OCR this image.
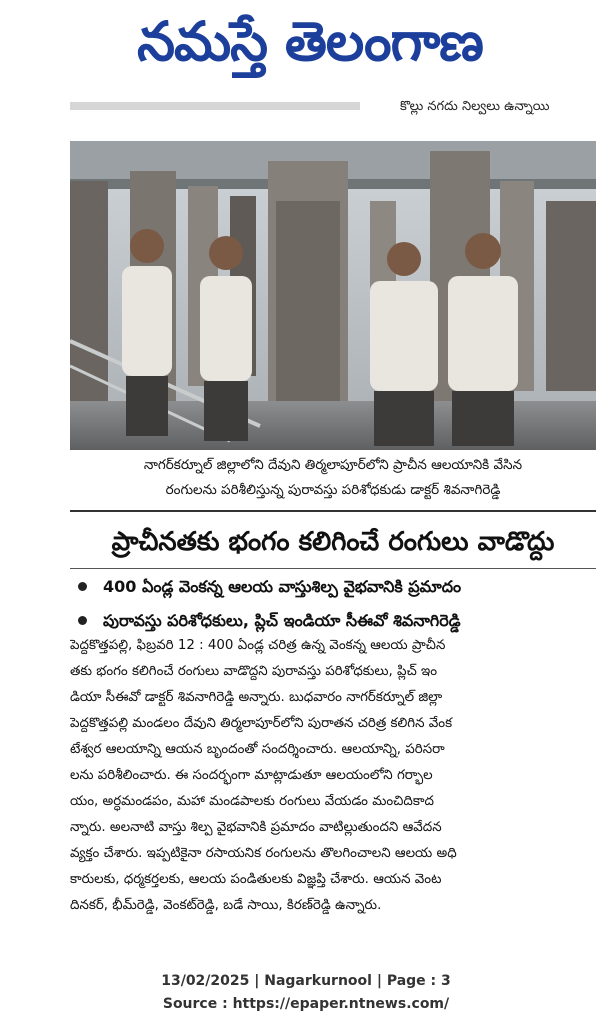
నమస్తే తెలంగాణ
కొల్లు నగదు నిల్వలు ఉన్నాయి
నాగర్‌కర్నూల్ జిల్లాలోని దేవుని తిర్మలాపూర్‌లోని ప్రాచీన ఆలయానికి వేసిన
రంగులను పరిశీలిస్తున్న పురావస్తు పరిశోధకుడు డాక్టర్ శివనాగిరెడ్డి
ప్రాచీనతకు భంగం కలిగించే రంగులు వాడొద్దు
400 ఏండ్ల వెంకన్న ఆలయ వాస్తుశిల్ప వైభవానికి ప్రమాదం
పురావస్తు పరిశోధకులు, ప్లిచ్ ఇండియా సీఈవో శివనాగిరెడ్డి
పెద్దకొత్తపల్లి, ఫిబ్రవరి 12 : 400 ఏండ్ల చరిత్ర ఉన్న వెంకన్న ఆలయ ప్రాచీన
తకు భంగం కలిగించే రంగులు వాడొద్దని పురావస్తు పరిశోధకులు, ప్లిచ్ ఇం
డియా సీఈవో డాక్టర్ శివనాగిరెడ్డి అన్నారు. బుధవారం నాగర్‌కర్నూల్ జిల్లా
పెద్దకొత్తపల్లి మండలం దేవుని తిర్మలాపూర్‌లోని పురాతన చరిత్ర కలిగిన వేంక
టేశ్వర ఆలయాన్ని ఆయన బృందంతో సందర్శించారు. ఆలయాన్ని, పరిసరా
లను పరిశీలించారు. ఈ సందర్భంగా మాట్లాడుతూ ఆలయంలోని గర్భాల
యం, అర్ధమండపం, మహా మండపాలకు రంగులు వేయడం మంచిదికాద
న్నారు. అలనాటి వాస్తు శిల్ప వైభవానికి ప్రమాదం వాటిల్లుతుందని ఆవేదన
వ్యక్తం చేశారు. ఇప్పటికైనా రసాయనిక రంగులను తొలగించాలని ఆలయ అధి
కారులకు, ధర్మకర్తలకు, ఆలయ పండితులకు విజ్ఞప్తి చేశారు. ఆయన వెంట
దినకర్, భీమ్‌రెడ్డి, వెంకట్‌రెడ్డి, బడే సాయి, కిరణ్‌రెడ్డి ఉన్నారు.
13/02/2025 | Nagarkurnool | Page : 3
Source : https://epaper.ntnews.com/
